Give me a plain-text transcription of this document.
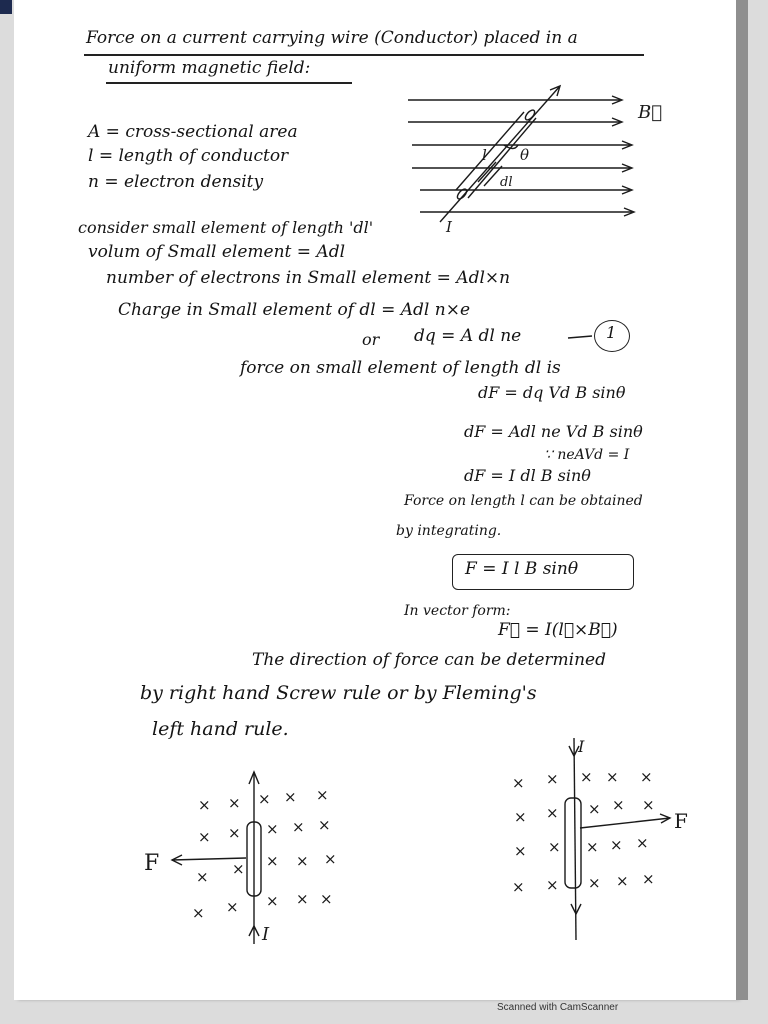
Force on a current carrying wire (Conductor) placed in a

uniform magnetic field:

A = cross-sectional area

l = length of conductor

n = electron density

B⃗
θ
l
dl
I

consider small element of length 'dl'

volum of Small element = Adl

number of electrons in Small element = Adl×n

Charge in Small element of dl = Adl n×e

or dq = A dl ne	1

force on small element of length dl is

dF = dq Vd B sinθ

dF = Adl ne Vd B sinθ

∵ neAVd = I

dF = I dl B sinθ

Force on length l can be obtained

by integrating.

F = I l B sinθ

In vector form:

F⃗ = I(l⃗×B⃗)

The direction of force can be determined

by right hand Screw rule or by Fleming's

left hand rule.

× × × × ×
× × × × ×
× × × × ×
× × × × ×
F
I
× × × × ×
× × × × ×
× × × × ×
× × × × ×
F
I
Scanned with CamScanner
